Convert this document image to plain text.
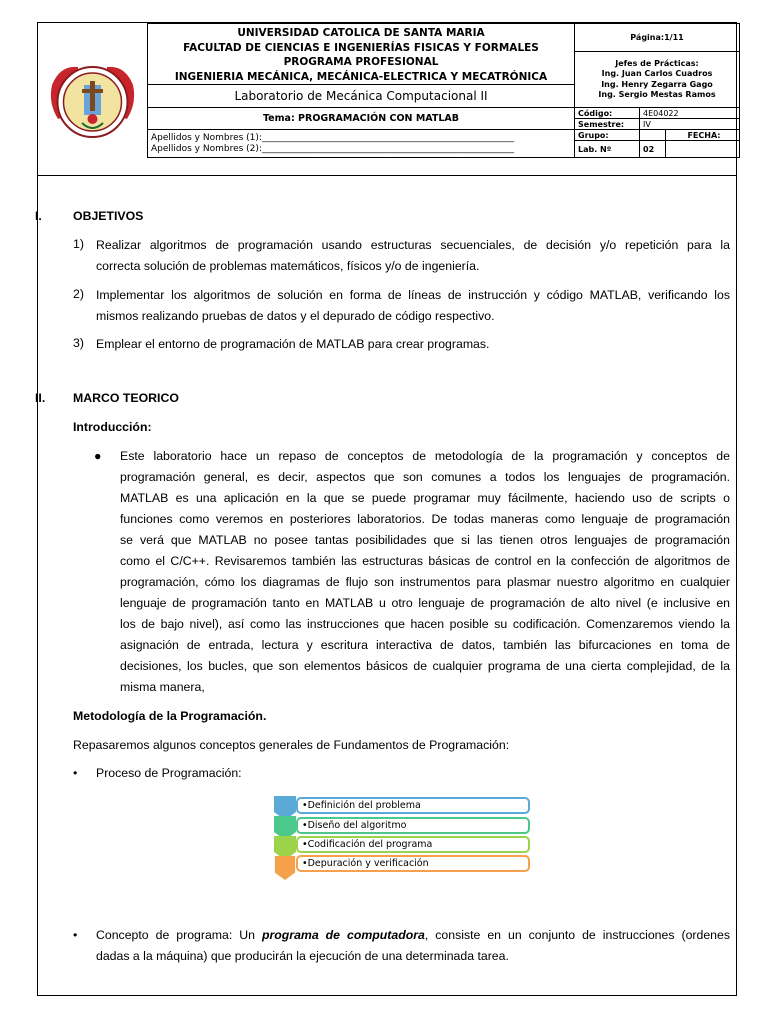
UNIVERSIDAD CATOLICA DE SANTA MARIA
FACULTAD DE CIENCIAS E INGENIERÍAS FISICAS Y FORMALES
PROGRAMA PROFESIONAL
INGENIERIA MECÁNICA, MECÁNICA-ELECTRICA Y MECATRÓNICA	Página:1/11		

	Jefes de Prácticas:
Ing. Juan Carlos Cuadros
Ing. Henry Zegarra Gago
Ing. Sergio Mestas Ramos		

Laboratorio de Mecánica Computacional II			
Tema: PROGRAMACIÓN CON MATLAB	Código:	4E04022	
	Semestre:	IV	

Apellidos y Nombres (1):________________________________________________________
Apellidos y Nombres (2):________________________________________________________	Grupo:		FECHA:
	Lab. Nº	02	
I.	OBJETIVOS
1) Realizar algoritmos de programación usando estructuras secuenciales, de decisión y/o repetición para la
correcta solución de problemas matemáticos, físicos y/o de ingeniería.
2) Implementar los algoritmos de solución en forma de líneas de instrucción y código MATLAB, verificando los
mismos realizando pruebas de datos y el depurado de código respectivo.
3) Emplear el entorno de programación de MATLAB para crear programas.
II. MARCO TEORICO
Introducción:
● Este laboratorio hace un repaso de conceptos de metodología de la programación y conceptos de
programación general, es decir, aspectos que son comunes a todos los lenguajes de programación.
MATLAB es una aplicación en la que se puede programar muy fácilmente, haciendo uso de scripts o
funciones como veremos en posteriores laboratorios. De todas maneras como lenguaje de programación
se verá que MATLAB no posee tantas posibilidades que si las tienen otros lenguajes de programación
como el C/C++. Revisaremos también las estructuras básicas de control en la confección de algoritmos de
programación, cómo los diagramas de flujo son instrumentos para plasmar nuestro algoritmo en cualquier
lenguaje de programación tanto en MATLAB u otro lenguaje de programación de alto nivel (e inclusive en
los de bajo nivel), así como las instrucciones que hacen posible su codificación. Comenzaremos viendo la
asignación de entrada, lectura y escritura interactiva de datos, también las bifurcaciones en toma de
decisiones, los bucles, que son elementos básicos de cualquier programa de una cierta complejidad, de la
misma manera,
Metodología de la Programación.
Repasaremos algunos conceptos generales de Fundamentos de Programación:
• Proceso de Programación:
•Definición del problema
•Diseño del algoritmo
•Codificación del programa
•Depuración y verificación
• Concepto de programa: Un programa de computadora, consiste en un conjunto de instrucciones (ordenes
dadas a la máquina) que producirán la ejecución de una determinada tarea.
